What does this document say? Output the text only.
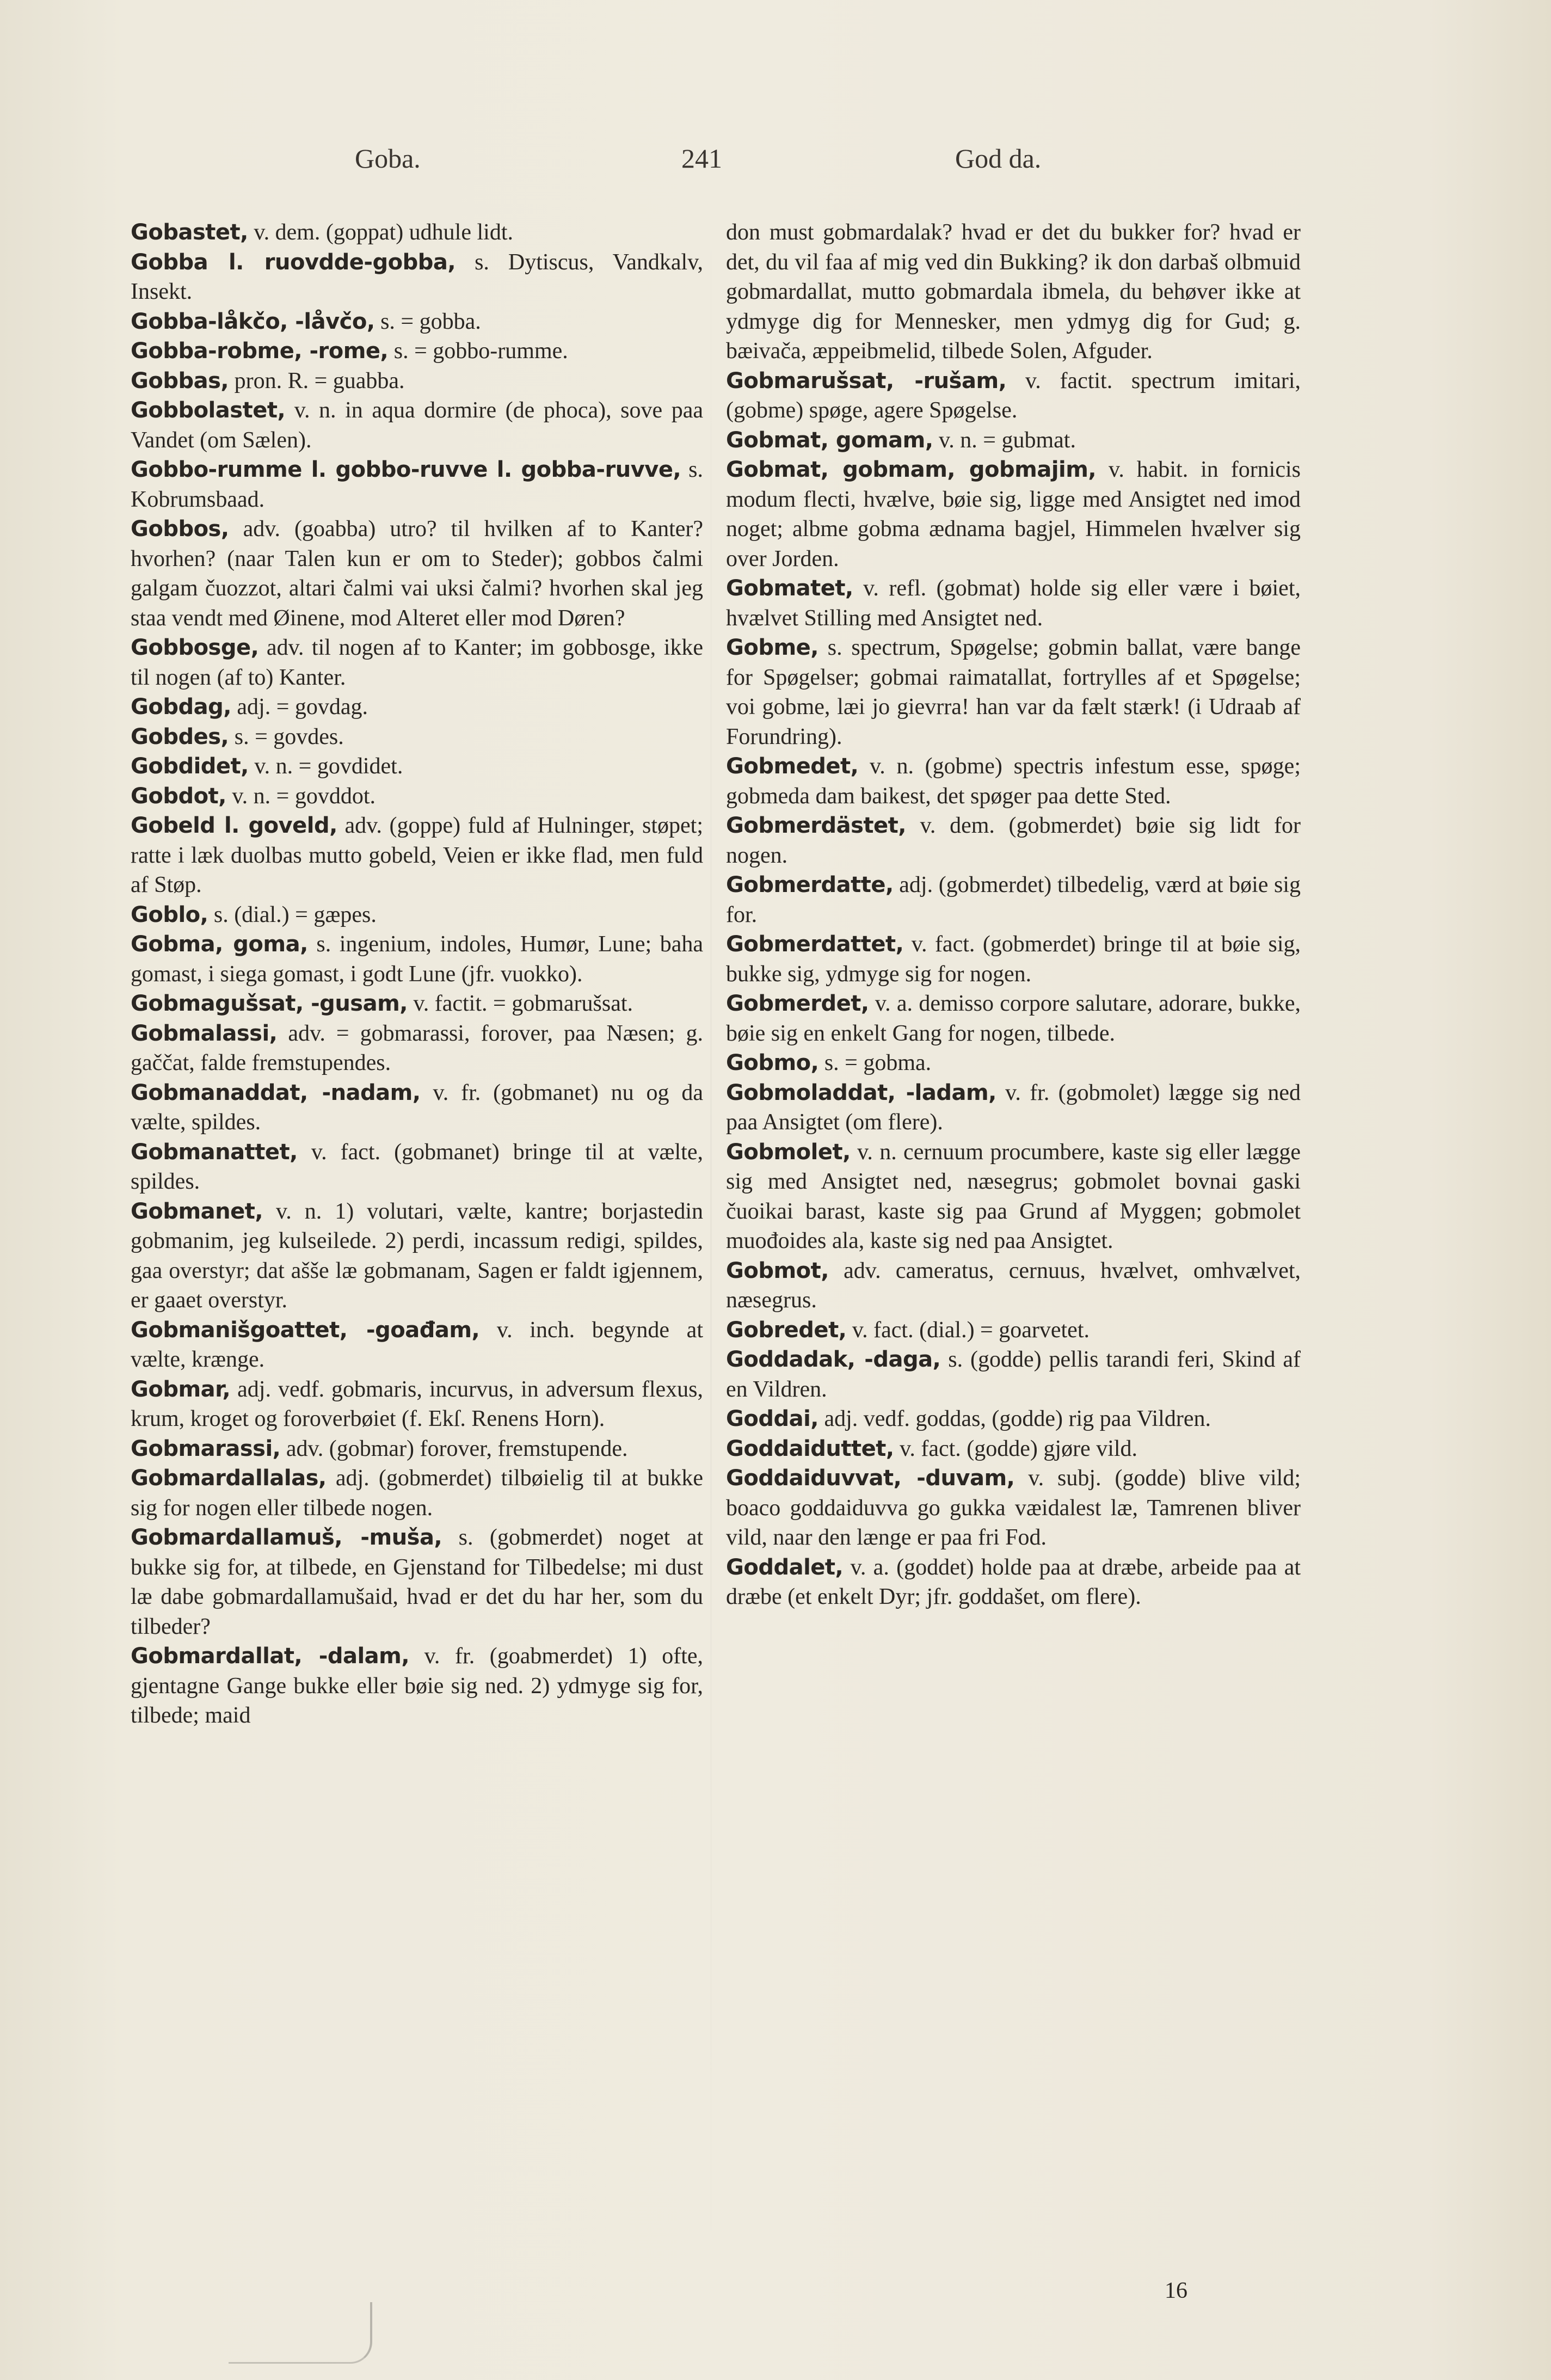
Goba.	241	God da.

Gobastet, v. dem. (goppat) udhule lidt.

Gobba l. ruovdde-gobba, s. Dytiscus, Vandkalv, Insekt.

Gobba-låkčo, -låvčo, s. = gobba.

Gobba-robme, -rome, s. = gobbo-rumme.

Gobbas, pron. R. = guabba.

Gobbolastet, v. n. in aqua dormire (de phoca), sove paa Vandet (om Sælen).

Gobbo-rumme l. gobbo-ruvve l. gobba-ruvve, s. Kobrumsbaad.

Gobbos, adv. (goabba) utro? til hvilken af to Kanter? hvorhen? (naar Talen kun er om to Steder); gobbos čalmi galgam čuozzot, altari čalmi vai uksi čalmi? hvorhen skal jeg staa vendt med Øinene, mod Alteret eller mod Døren?

Gobbosge, adv. til nogen af to Kanter; im gobbosge, ikke til nogen (af to) Kanter.

Gobdag, adj. = govdag.

Gobdes, s. = govdes.

Gobdidet, v. n. = govdidet.

Gobdot, v. n. = govddot.

Gobeld l. goveld, adv. (goppe) fuld af Hulninger, støpet; ratte i læk duolbas mutto gobeld, Veien er ikke flad, men fuld af Støp.

Goblo, s. (dial.) = gæpes.

Gobma, goma, s. ingenium, indoles, Humør, Lune; baha gomast, i siega gomast, i godt Lune (jfr. vuokko).

Gobmagušsat, -gusam, v. factit. = gobmarušsat.

Gobmalassi, adv. = gobmarassi, forover, paa Næsen; g. gaččat, falde fremstupendes.

Gobmanaddat, -nadam, v. fr. (gobmanet) nu og da vælte, spildes.

Gobmanattet, v. fact. (gobmanet) bringe til at vælte, spildes.

Gobmanet, v. n. 1) volutari, vælte, kantre; borjastedin gobmanim, jeg kulseilede. 2) perdi, incassum redigi, spildes, gaa overstyr; dat ašše læ gobmanam, Sagen er faldt igjennem, er gaaet overstyr.

Gobmanišgoattet, -goađam, v. inch. begynde at vælte, krænge.

Gobmar, adj. vedf. gobmaris, incurvus, in adversum flexus, krum, kroget og foroverbøiet (f. Ekſ. Renens Horn).

Gobmarassi, adv. (gobmar) forover, fremstupende.

Gobmardallalas, adj. (gobmerdet) tilbøielig til at bukke sig for nogen eller tilbede nogen.

Gobmardallamuš, -muša, s. (gobmerdet) noget at bukke sig for, at tilbede, en Gjenstand for Tilbedelse; mi dust læ dabe gobmardallamušaid, hvad er det du har her, som du tilbeder?

Gobmardallat, -dalam, v. fr. (goabmerdet) 1) ofte, gjentagne Gange bukke eller bøie sig ned. 2) ydmyge sig for, tilbede; maid

don must gobmardalak? hvad er det du bukker for? hvad er det, du vil faa af mig ved din Bukking? ik don darbaš olbmuid gobmardallat, mutto gobmardala ibmela, du behøver ikke at ydmyge dig for Mennesker, men ydmyg dig for Gud; g. bæivača, æppeibmelid, tilbede Solen, Afguder.

Gobmarušsat, -rušam, v. factit. spectrum imitari, (gobme) spøge, agere Spøgelse.

Gobmat, gomam, v. n. = gubmat.

Gobmat, gobmam, gobmajim, v. habit. in fornicis modum flecti, hvælve, bøie sig, ligge med Ansigtet ned imod noget; albme gobma ædnama bagjel, Himmelen hvælver sig over Jorden.

Gobmatet, v. refl. (gobmat) holde sig eller være i bøiet, hvælvet Stilling med Ansigtet ned.

Gobme, s. spectrum, Spøgelse; gobmin ballat, være bange for Spøgelser; gobmai raimatallat, fortrylles af et Spøgelse; voi gobme, læi jo gievrra! han var da fælt stærk! (i Udraab af Forundring).

Gobmedet, v. n. (gobme) spectris infestum esse, spøge; gobmeda dam baikest, det spøger paa dette Sted.

Gobmerdästet, v. dem. (gobmerdet) bøie sig lidt for nogen.

Gobmerdatte, adj. (gobmerdet) tilbedelig, værd at bøie sig for.

Gobmerdattet, v. fact. (gobmerdet) bringe til at bøie sig, bukke sig, ydmyge sig for nogen.

Gobmerdet, v. a. demisso corpore salutare, adorare, bukke, bøie sig en enkelt Gang for nogen, tilbede.

Gobmo, s. = gobma.

Gobmoladdat, -ladam, v. fr. (gobmolet) lægge sig ned paa Ansigtet (om flere).

Gobmolet, v. n. cernuum procumbere, kaste sig eller lægge sig med Ansigtet ned, næsegrus; gobmolet bovnai gaski čuoikai barast, kaste sig paa Grund af Myggen; gobmolet muođoides ala, kaste sig ned paa Ansigtet.

Gobmot, adv. cameratus, cernuus, hvælvet, omhvælvet, næsegrus.

Gobredet, v. fact. (dial.) = goarvetet.

Goddadak, -daga, s. (godde) pellis tarandi feri, Skind af en Vildren.

Goddai, adj. vedf. goddas, (godde) rig paa Vildren.

Goddaiduttet, v. fact. (godde) gjøre vild.

Goddaiduvvat, -duvam, v. subj. (godde) blive vild; boaco goddaiduvva go gukka væidalest læ, Tamrenen bliver vild, naar den længe er paa fri Fod.

Goddalet, v. a. (goddet) holde paa at dræbe, arbeide paa at dræbe (et enkelt Dyr; jfr. goddašet, om flere).

16
